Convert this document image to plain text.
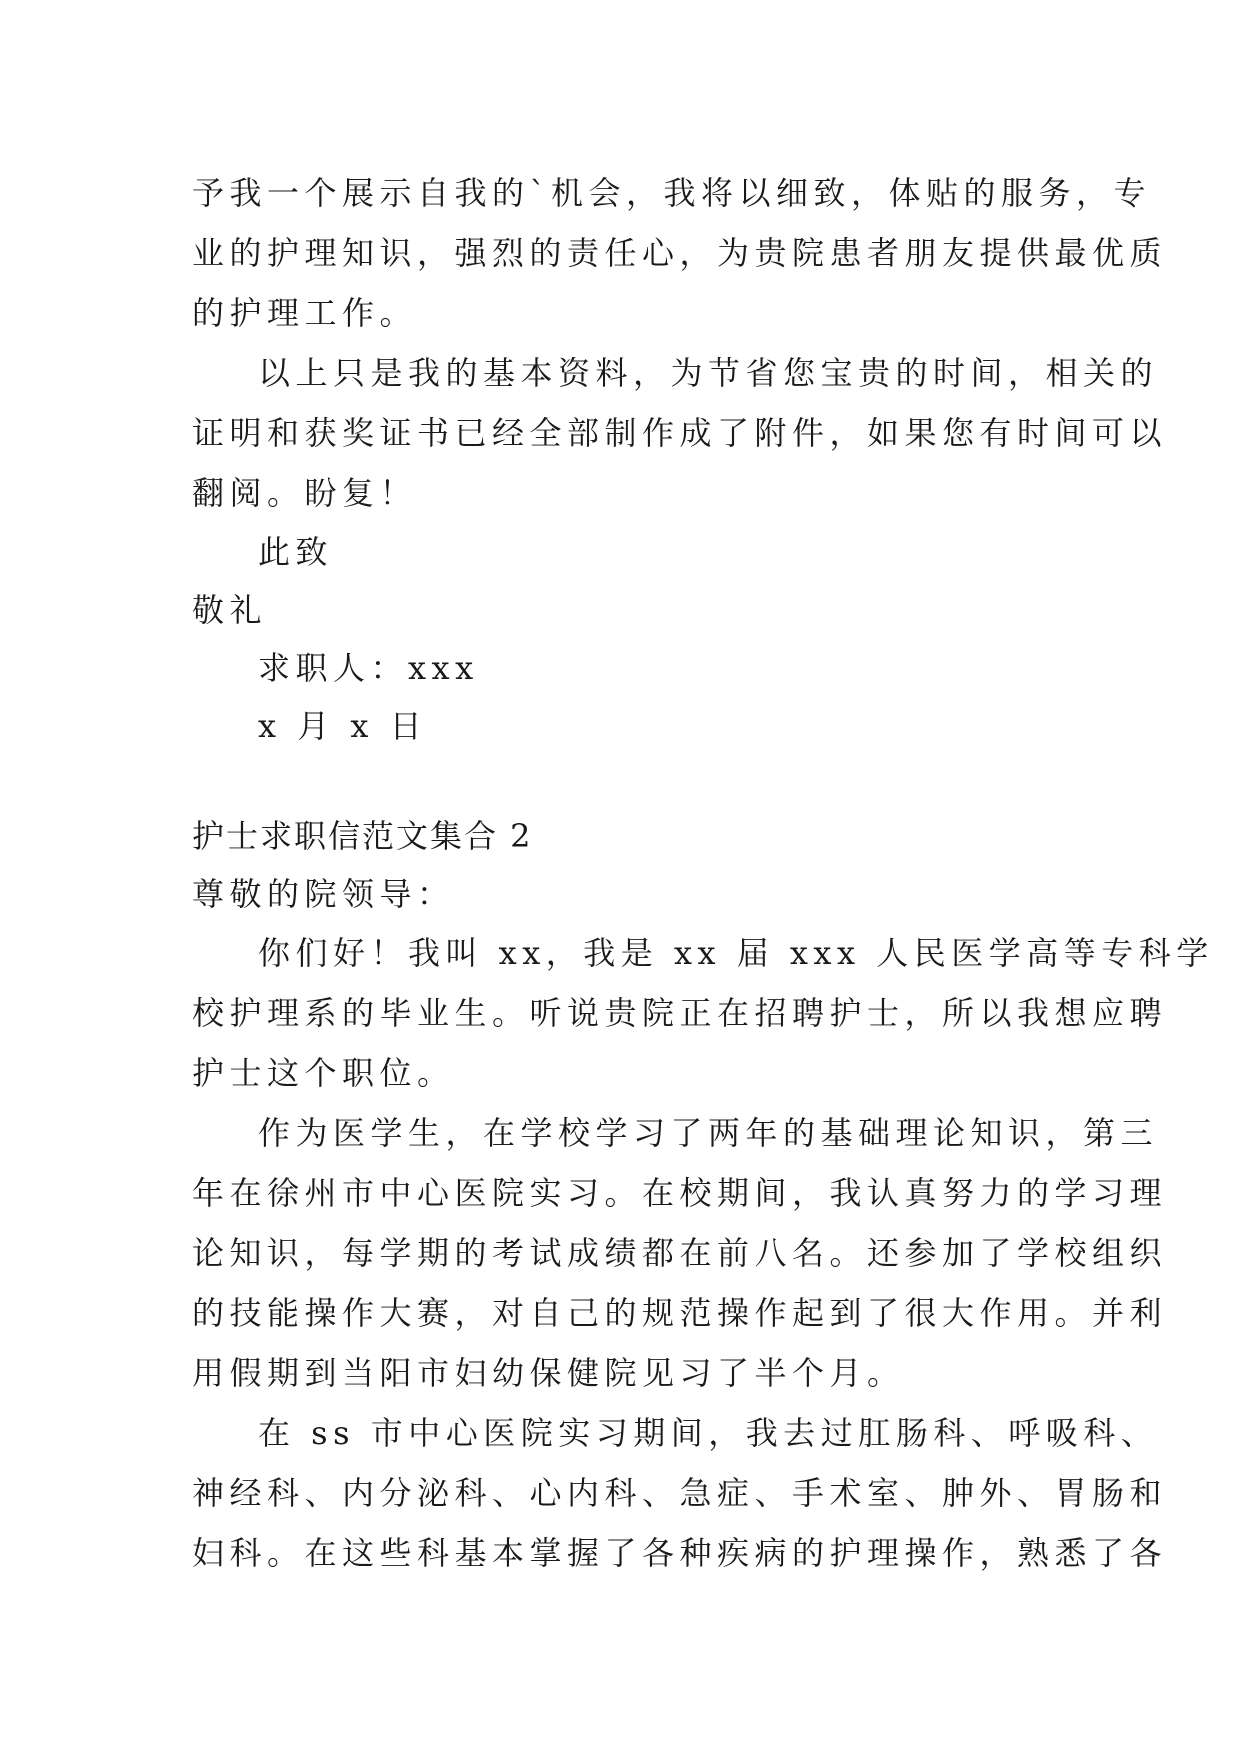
予我一个展示自我的`机会，我将以细致，体贴的服务，专
业的护理知识，强烈的责任心，为贵院患者朋友提供最优质
的护理工作。
以上只是我的基本资料，为节省您宝贵的时间，相关的
证明和获奖证书已经全部制作成了附件，如果您有时间可以
翻阅。盼复！
此致
敬礼
求职人：xxx
x 月 x 日
护士求职信范文集合 2
尊敬的院领导：
你们好！我叫 xx，我是 xx 届 xxx 人民医学高等专科学
校护理系的毕业生。听说贵院正在招聘护士，所以我想应聘
护士这个职位。
作为医学生，在学校学习了两年的基础理论知识，第三
年在徐州市中心医院实习。在校期间，我认真努力的学习理
论知识，每学期的考试成绩都在前八名。还参加了学校组织
的技能操作大赛，对自己的规范操作起到了很大作用。并利
用假期到当阳市妇幼保健院见习了半个月。
在 ss 市中心医院实习期间，我去过肛肠科、呼吸科、
神经科、内分泌科、心内科、急症、手术室、肿外、胃肠和
妇科。在这些科基本掌握了各种疾病的护理操作，熟悉了各
